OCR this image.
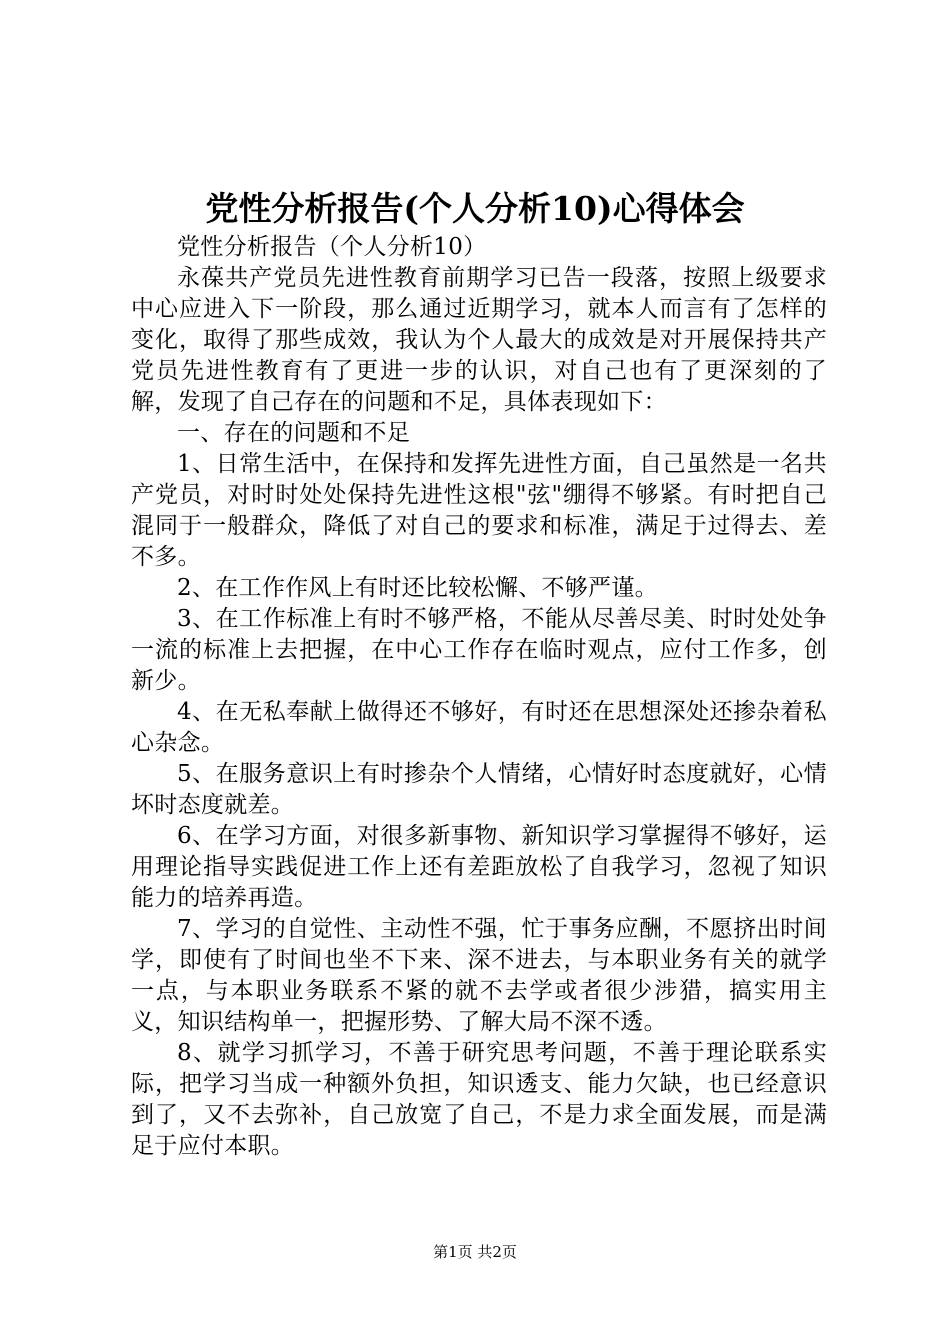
党性分析报告(个人分析10)心得体会

党性分析报告（个人分析10）

永葆共产党员先进性教育前期学习已告一段落，按照上级要求中心应进入下一阶段，那么通过近期学习，就本人而言有了怎样的变化，取得了那些成效，我认为个人最大的成效是对开展保持共产党员先进性教育有了更进一步的认识，对自己也有了更深刻的了解，发现了自己存在的问题和不足，具体表现如下：

一、存在的问题和不足

1、日常生活中，在保持和发挥先进性方面，自己虽然是一名共产党员，对时时处处保持先进性这根"弦"绷得不够紧。有时把自己混同于一般群众，降低了对自己的要求和标准，满足于过得去、差不多。

2、在工作作风上有时还比较松懈、不够严谨。

3、在工作标准上有时不够严格，不能从尽善尽美、时时处处争一流的标准上去把握，在中心工作存在临时观点，应付工作多，创新少。

4、在无私奉献上做得还不够好，有时还在思想深处还掺杂着私心杂念。

5、在服务意识上有时掺杂个人情绪，心情好时态度就好，心情坏时态度就差。

6、在学习方面，对很多新事物、新知识学习掌握得不够好，运用理论指导实践促进工作上还有差距放松了自我学习，忽视了知识能力的培养再造。

7、学习的自觉性、主动性不强，忙于事务应酬，不愿挤出时间学，即使有了时间也坐不下来、深不进去，与本职业务有关的就学一点，与本职业务联系不紧的就不去学或者很少涉猎，搞实用主义，知识结构单一，把握形势、了解大局不深不透。

8、就学习抓学习，不善于研究思考问题，不善于理论联系实际，把学习当成一种额外负担，知识透支、能力欠缺，也已经意识到了，又不去弥补，自己放宽了自己，不是力求全面发展，而是满足于应付本职。

第1页 共2页
